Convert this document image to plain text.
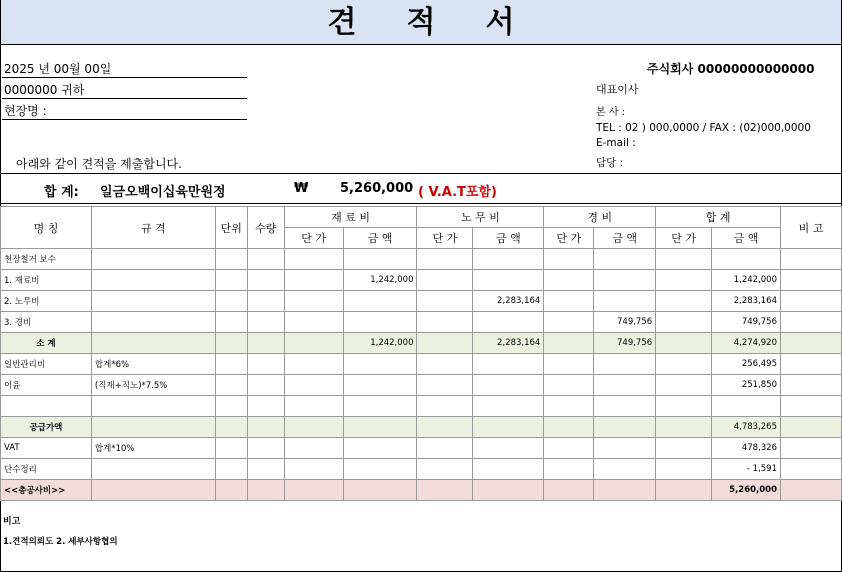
견적서
2025 년 00월 00일
0000000 귀하
현장명 :
아래와 같이 견적을 제출합니다.
주식회사 00000000000000
대표이사
본 사 :
TEL : 02 ) 000,0000 / FAX : (02)000,0000
E-mail :
담당 :
합 계: 일금오백이십육만원정	₩ 5,260,000 ( V.A.T포함)
명 칭	규 격	단위	수량	재 료 비		노 무 비		경 비		합 계		비 고
				단 가	금 액	단 가	금 액	단 가	금 액	단 가	금 액	
천장철거 보수												
1. 재료비					1,242,000						1,242,000	
2. 노무비							2,283,164				2,283,164	
3. 경비									749,756		749,756	
소 계					1,242,000		2,283,164		749,756		4,274,920	
일반관리비	합계*6%										256,495	
이윤	(직재+직노)*7.5%										251,850	

공급가액											4,783,265	
VAT	합계*10%										478,326	
단수정리											- 1,591	
<<총공사비>>											5,260,000	
비고
1.견적의뢰도 2. 세부사항협의
